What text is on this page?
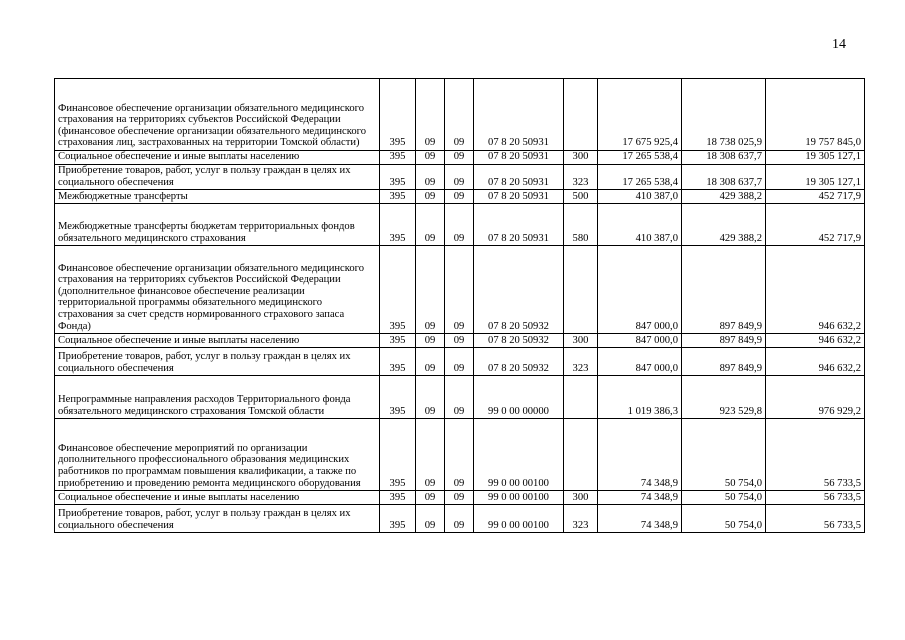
14
Финансовое обеспечение организации обязательного медицинского страхования на территориях субъектов Российской Федерации (финансовое обеспечение организации обязательного медицинского страхования лиц, застрахованных на территории Томской области)	395	09	09	07 8 20 50931		17 675 925,4	18 738 025,9	19 757 845,0
Социальное обеспечение и иные выплаты населению	395	09	09	07 8 20 50931	300	17 265 538,4	18 308 637,7	19 305 127,1
Приобретение товаров, работ, услуг в пользу граждан в целях их социального обеспечения	395	09	09	07 8 20 50931	323	17 265 538,4	18 308 637,7	19 305 127,1
Межбюджетные трансферты	395	09	09	07 8 20 50931	500	410 387,0	429 388,2	452 717,9
Межбюджетные трансферты бюджетам территориальных фондов обязательного медицинского страхования	395	09	09	07 8 20 50931	580	410 387,0	429 388,2	452 717,9
Финансовое обеспечение организации обязательного медицинского страхования на территориях субъектов Российской Федерации (дополнительное финансовое обеспечение реализации территориальной программы обязательного медицинского страхования за счет средств нормированного страхового запаса Фонда)	395	09	09	07 8 20 50932		847 000,0	897 849,9	946 632,2
Социальное обеспечение и иные выплаты населению	395	09	09	07 8 20 50932	300	847 000,0	897 849,9	946 632,2
Приобретение товаров, работ, услуг в пользу граждан в целях их социального обеспечения	395	09	09	07 8 20 50932	323	847 000,0	897 849,9	946 632,2
Непрограммные направления расходов Территориального фонда обязательного медицинского страхования Томской области	395	09	09	99 0 00 00000		1 019 386,3	923 529,8	976 929,2
Финансовое обеспечение мероприятий по организации дополнительного профессионального образования медицинских работников по программам повышения квалификации, а также по приобретению и проведению ремонта медицинского оборудования	395	09	09	99 0 00 00100		74 348,9	50 754,0	56 733,5
Социальное обеспечение и иные выплаты населению	395	09	09	99 0 00 00100	300	74 348,9	50 754,0	56 733,5
Приобретение товаров, работ, услуг в пользу граждан в целях их социального обеспечения	395	09	09	99 0 00 00100	323	74 348,9	50 754,0	56 733,5
